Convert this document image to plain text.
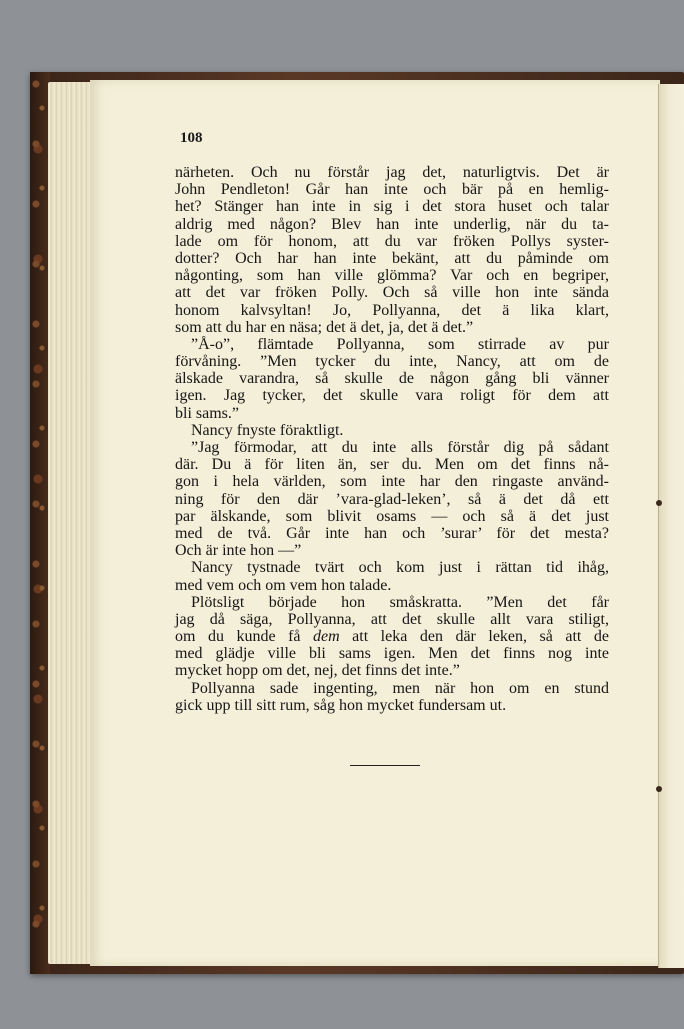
108
närheten. Och nu förstår jag det, naturligtvis. Det är
John Pendleton! Går han inte och bär på en hemlig-
het? Stänger han inte in sig i det stora huset och talar
aldrig med någon? Blev han inte underlig, när du ta-
lade om för honom, att du var fröken Pollys syster-
dotter? Och har han inte bekänt, att du påminde om
någonting, som han ville glömma? Var och en begriper,
att det var fröken Polly. Och så ville hon inte sända
honom kalvsyltan! Jo, Pollyanna, det ä lika klart,
som att du har en näsa; det ä det, ja, det ä det.”
”Å-o”, flämtade Pollyanna, som stirrade av pur
förvåning. ”Men tycker du inte, Nancy, att om de
älskade varandra, så skulle de någon gång bli vänner
igen. Jag tycker, det skulle vara roligt för dem att
bli sams.”
Nancy fnyste föraktligt.
”Jag förmodar, att du inte alls förstår dig på sådant
där. Du ä för liten än, ser du. Men om det finns nå-
gon i hela världen, som inte har den ringaste använd-
ning för den där ’vara-glad-leken’, så ä det då ett
par älskande, som blivit osams — och så ä det just
med de två. Går inte han och ’surar’ för det mesta?
Och är inte hon —”
Nancy tystnade tvärt och kom just i rättan tid ihåg,
med vem och om vem hon talade.
Plötsligt började hon småskratta. ”Men det får
jag då säga, Pollyanna, att det skulle allt vara stiligt,
om du kunde få dem att leka den där leken, så att de
med glädje ville bli sams igen. Men det finns nog inte
mycket hopp om det, nej, det finns det inte.”
Pollyanna sade ingenting, men när hon om en stund
gick upp till sitt rum, såg hon mycket fundersam ut.
